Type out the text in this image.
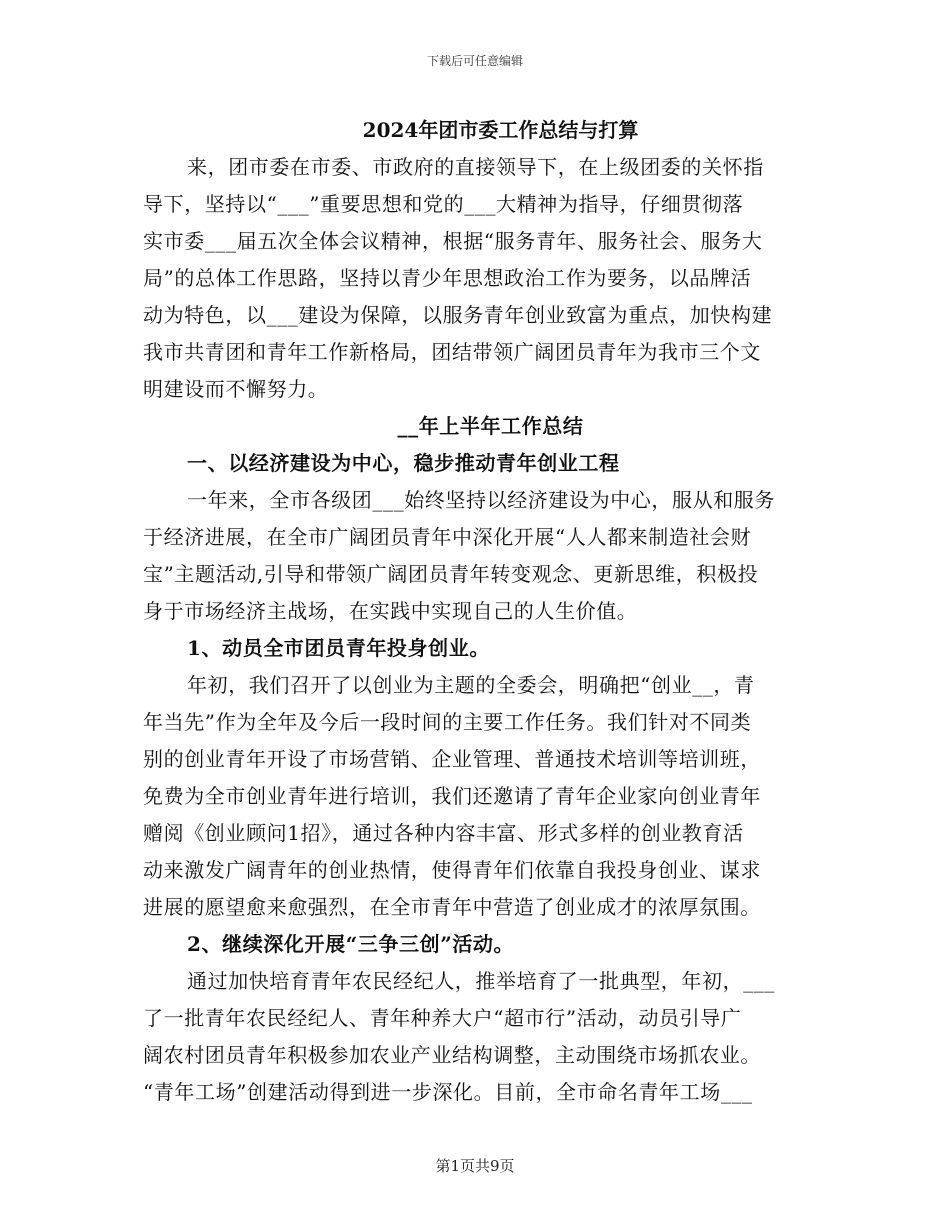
下载后可任意编辑
2024年团市委工作总结与打算
来，团市委在市委、市政府的直接领导下，在上级团委的关怀指
导下，坚持以“___”重要思想和党的___大精神为指导，仔细贯彻落
实市委___届五次全体会议精神，根据“服务青年、服务社会、服务大
局”的总体工作思路，坚持以青少年思想政治工作为要务，以品牌活
动为特色，以___建设为保障，以服务青年创业致富为重点，加快构建
我市共青团和青年工作新格局，团结带领广阔团员青年为我市三个文
明建设而不懈努力。
__年上半年工作总结
一、以经济建设为中心，稳步推动青年创业工程
一年来，全市各级团___始终坚持以经济建设为中心，服从和服务
于经济进展，在全市广阔团员青年中深化开展“人人都来制造社会财
宝”主题活动,引导和带领广阔团员青年转变观念、更新思维，积极投
身于市场经济主战场，在实践中实现自己的人生价值。
1、动员全市团员青年投身创业。
年初，我们召开了以创业为主题的全委会，明确把“创业__，青
年当先”作为全年及今后一段时间的主要工作任务。我们针对不同类
别的创业青年开设了市场营销、企业管理、普通技术培训等培训班，
免费为全市创业青年进行培训，我们还邀请了青年企业家向创业青年
赠阅《创业顾问1招》，通过各种内容丰富、形式多样的创业教育活
动来激发广阔青年的创业热情，使得青年们依靠自我投身创业、谋求
进展的愿望愈来愈强烈，在全市青年中营造了创业成才的浓厚氛围。
2、继续深化开展“三争三创”活动。
通过加快培育青年农民经纪人，推举培育了一批典型，年初，___
了一批青年农民经纪人、青年种养大户“超市行”活动，动员引导广
阔农村团员青年积极参加农业产业结构调整，主动围绕市场抓农业。
“青年工场”创建活动得到进一步深化。目前，全市命名青年工场___
第1页共9页
